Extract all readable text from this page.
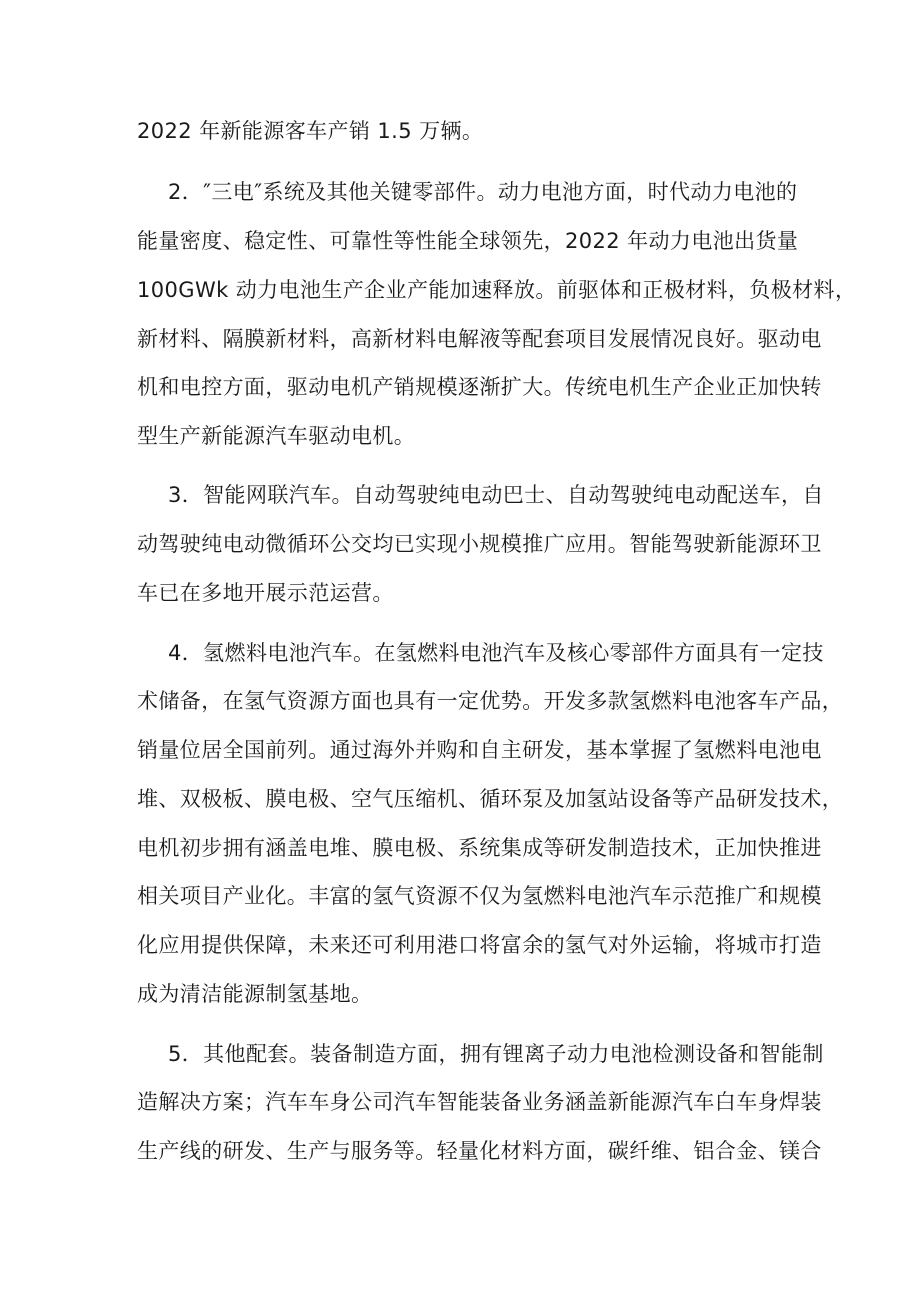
2022 年新能源客车产销 1.5 万辆。
2．″三电″系统及其他关键零部件。动力电池方面，时代动力电池的
能量密度、稳定性、可靠性等性能全球领先，2022 年动力电池出货量
100GWk 动力电池生产企业产能加速释放。前驱体和正极材料，负极材料，
新材料、隔膜新材料，高新材料电解液等配套项目发展情况良好。驱动电
机和电控方面，驱动电机产销规模逐渐扩大。传统电机生产企业正加快转
型生产新能源汽车驱动电机。
3．智能网联汽车。自动驾驶纯电动巴士、自动驾驶纯电动配送车，自
动驾驶纯电动微循环公交均已实现小规模推广应用。智能驾驶新能源环卫
车已在多地开展示范运营。
4．氢燃料电池汽车。在氢燃料电池汽车及核心零部件方面具有一定技
术储备，在氢气资源方面也具有一定优势。开发多款氢燃料电池客车产品，
销量位居全国前列。通过海外并购和自主研发，基本掌握了氢燃料电池电
堆、双极板、膜电极、空气压缩机、循环泵及加氢站设备等产品研发技术，
电机初步拥有涵盖电堆、膜电极、系统集成等研发制造技术，正加快推进
相关项目产业化。丰富的氢气资源不仅为氢燃料电池汽车示范推广和规模
化应用提供保障，未来还可利用港口将富余的氢气对外运输，将城市打造
成为清洁能源制氢基地。
5．其他配套。装备制造方面，拥有锂离子动力电池检测设备和智能制
造解决方案；汽车车身公司汽车智能装备业务涵盖新能源汽车白车身焊装
生产线的研发、生产与服务等。轻量化材料方面，碳纤维、铝合金、镁合
